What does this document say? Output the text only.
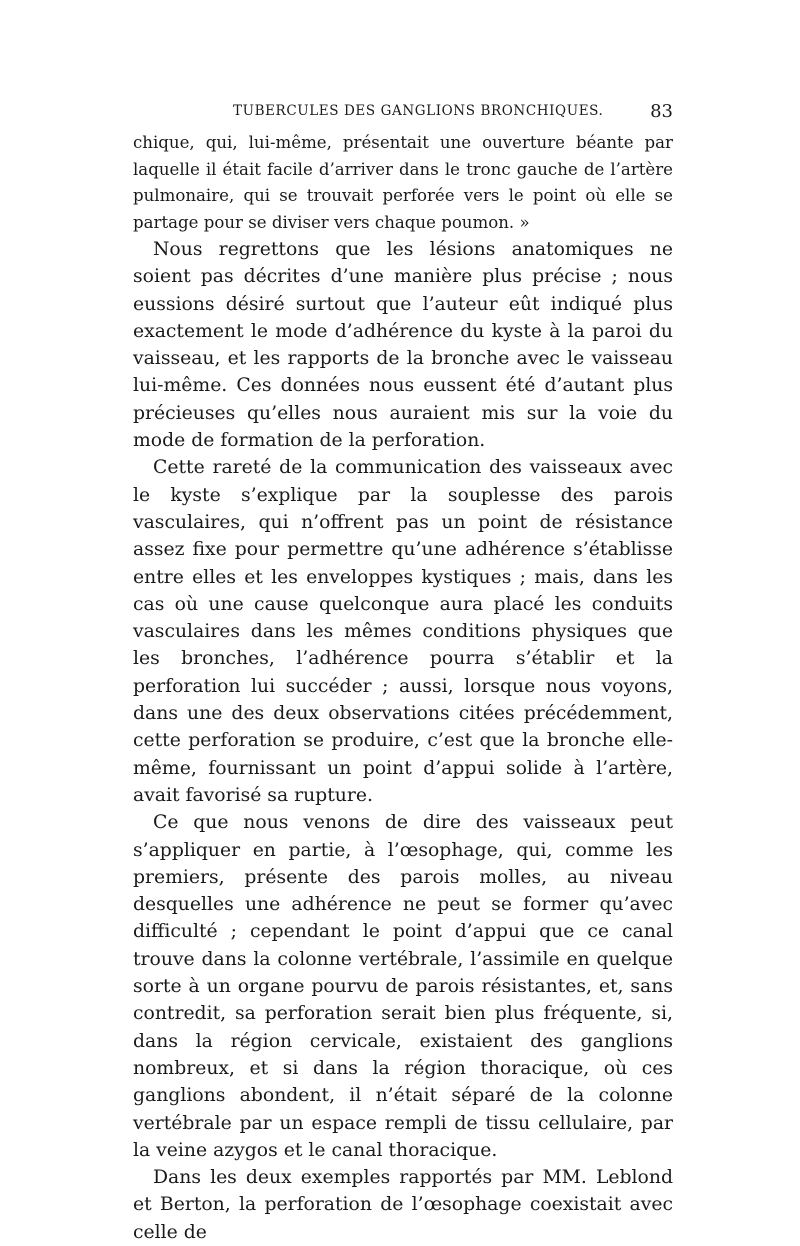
TUBERCULES DES GANGLIONS BRONCHIQUES.	83

chique, qui, lui-même, présentait une ouverture béante par laquelle il était facile d’arriver dans le tronc gauche de l’artère pulmonaire, qui se trouvait perforée vers le point où elle se partage pour se diviser vers chaque poumon. »

Nous regrettons que les lésions anatomiques ne soient pas décrites d’une manière plus précise ; nous eussions désiré surtout que l’auteur eût indiqué plus exactement le mode d’adhérence du kyste à la paroi du vaisseau, et les rapports de la bronche avec le vaisseau lui-même. Ces données nous eussent été d’autant plus précieuses qu’elles nous auraient mis sur la voie du mode de formation de la perforation.

Cette rareté de la communication des vaisseaux avec le kyste s’explique par la souplesse des parois vasculaires, qui n’offrent pas un point de résistance assez fixe pour permettre qu’une adhérence s’établisse entre elles et les enveloppes kystiques ; mais, dans les cas où une cause quelconque aura placé les conduits vasculaires dans les mêmes conditions physiques que les bronches, l’adhérence pourra s’établir et la perforation lui succéder ; aussi, lorsque nous voyons, dans une des deux observations citées précédemment, cette perforation se produire, c’est que la bronche elle-même, fournissant un point d’appui solide à l’artère, avait favorisé sa rupture.

Ce que nous venons de dire des vaisseaux peut s’appliquer en partie, à l’œsophage, qui, comme les premiers, présente des parois molles, au niveau desquelles une adhérence ne peut se former qu’avec difficulté ; cependant le point d’appui que ce canal trouve dans la colonne vertébrale, l’assimile en quelque sorte à un organe pourvu de parois résistantes, et, sans contredit, sa perforation serait bien plus fréquente, si, dans la région cervicale, existaient des ganglions nombreux, et si dans la région thoracique, où ces ganglions abondent, il n’était séparé de la colonne vertébrale par un espace rempli de tissu cellulaire, par la veine azygos et le canal thoracique.

Dans les deux exemples rapportés par MM. Leblond et Berton, la perforation de l’œsophage coexistait avec celle de
